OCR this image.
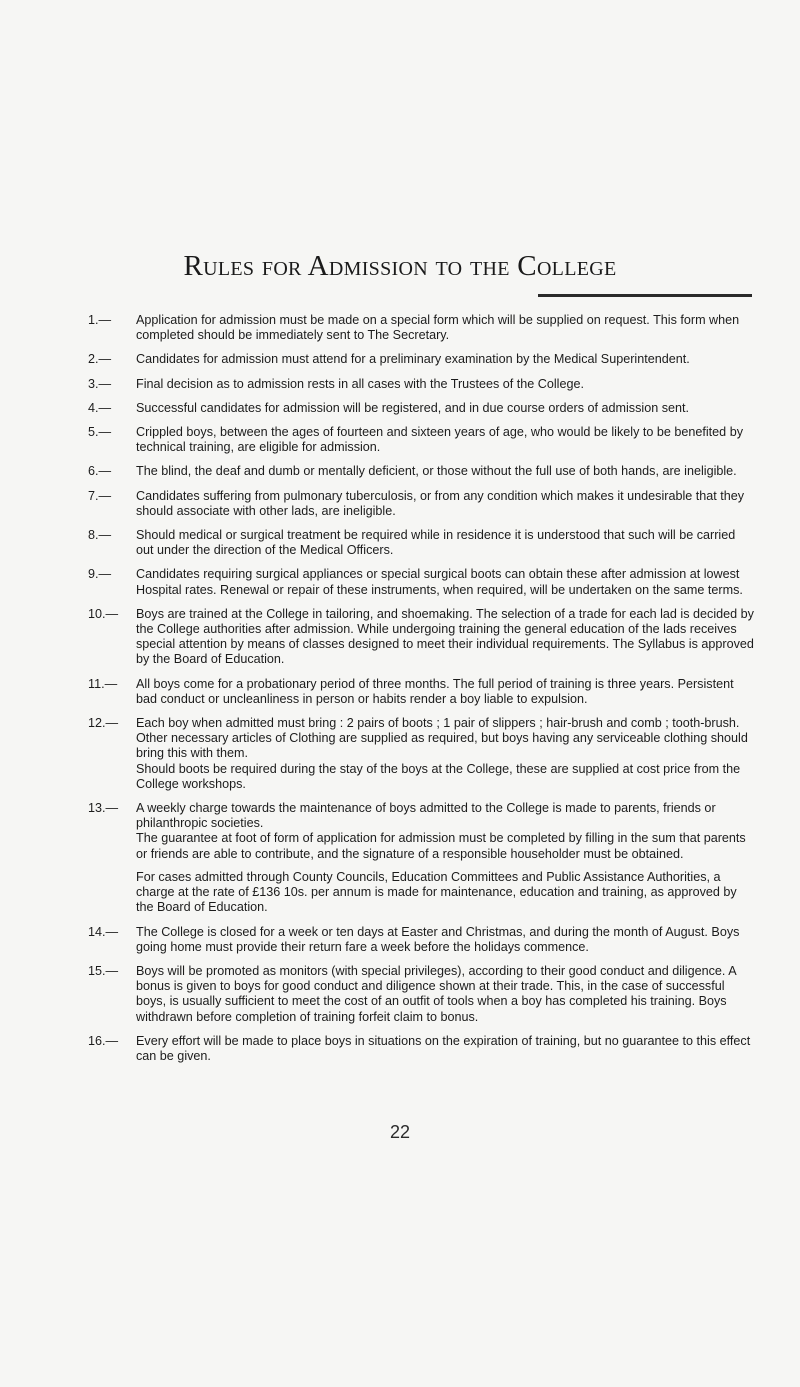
Rules for Admission to the College
1.— Application for admission must be made on a special form which will be supplied on request. This form when completed should be immediately sent to The Secretary.

2.— Candidates for admission must attend for a preliminary examination by the Medical Superintendent.

3.— Final decision as to admission rests in all cases with the Trustees of the College.

4.— Successful candidates for admission will be registered, and in due course orders of admission sent.

5.— Crippled boys, between the ages of fourteen and sixteen years of age, who would be likely to be benefited by technical training, are eligible for admission.

6.— The blind, the deaf and dumb or mentally deficient, or those without the full use of both hands, are ineligible.

7.— Candidates suffering from pulmonary tuberculosis, or from any condition which makes it undesirable that they should associate with other lads, are ineligible.

8.— Should medical or surgical treatment be required while in residence it is understood that such will be carried out under the direction of the Medical Officers.

9.— Candidates requiring surgical appliances or special surgical boots can obtain these after admission at lowest Hospital rates. Renewal or repair of these instruments, when required, will be undertaken on the same terms.

10.— Boys are trained at the College in tailoring, and shoemaking. The selection of a trade for each lad is decided by the College authorities after admission. While undergoing training the general education of the lads receives special attention by means of classes designed to meet their individual requirements. The Syllabus is approved by the Board of Education.

11.— All boys come for a probationary period of three months. The full period of training is three years. Persistent bad conduct or uncleanliness in person or habits render a boy liable to expulsion.

12.— Each boy when admitted must bring : 2 pairs of boots ; 1 pair of slippers ; hair-brush and comb ; tooth-brush.

Other necessary articles of Clothing are supplied as required, but boys having any serviceable clothing should bring this with them.

Should boots be required during the stay of the boys at the College, these are supplied at cost price from the College workshops.

13.— A weekly charge towards the maintenance of boys admitted to the College is made to parents, friends or philanthropic societies.

The guarantee at foot of form of application for admission must be completed by filling in the sum that parents or friends are able to contribute, and the signature of a responsible householder must be obtained.

For cases admitted through County Councils, Education Committees and Public Assistance Authorities, a charge at the rate of £136 10s. per annum is made for maintenance, education and training, as approved by the Board of Education.

14.— The College is closed for a week or ten days at Easter and Christmas, and during the month of August. Boys going home must provide their return fare a week before the holidays commence.

15.— Boys will be promoted as monitors (with special privileges), according to their good conduct and diligence. A bonus is given to boys for good conduct and diligence shown at their trade. This, in the case of successful boys, is usually sufficient to meet the cost of an outfit of tools when a boy has completed his training. Boys withdrawn before completion of training forfeit claim to bonus.

16.— Every effort will be made to place boys in situations on the expiration of training, but no guarantee to this effect can be given.

22
